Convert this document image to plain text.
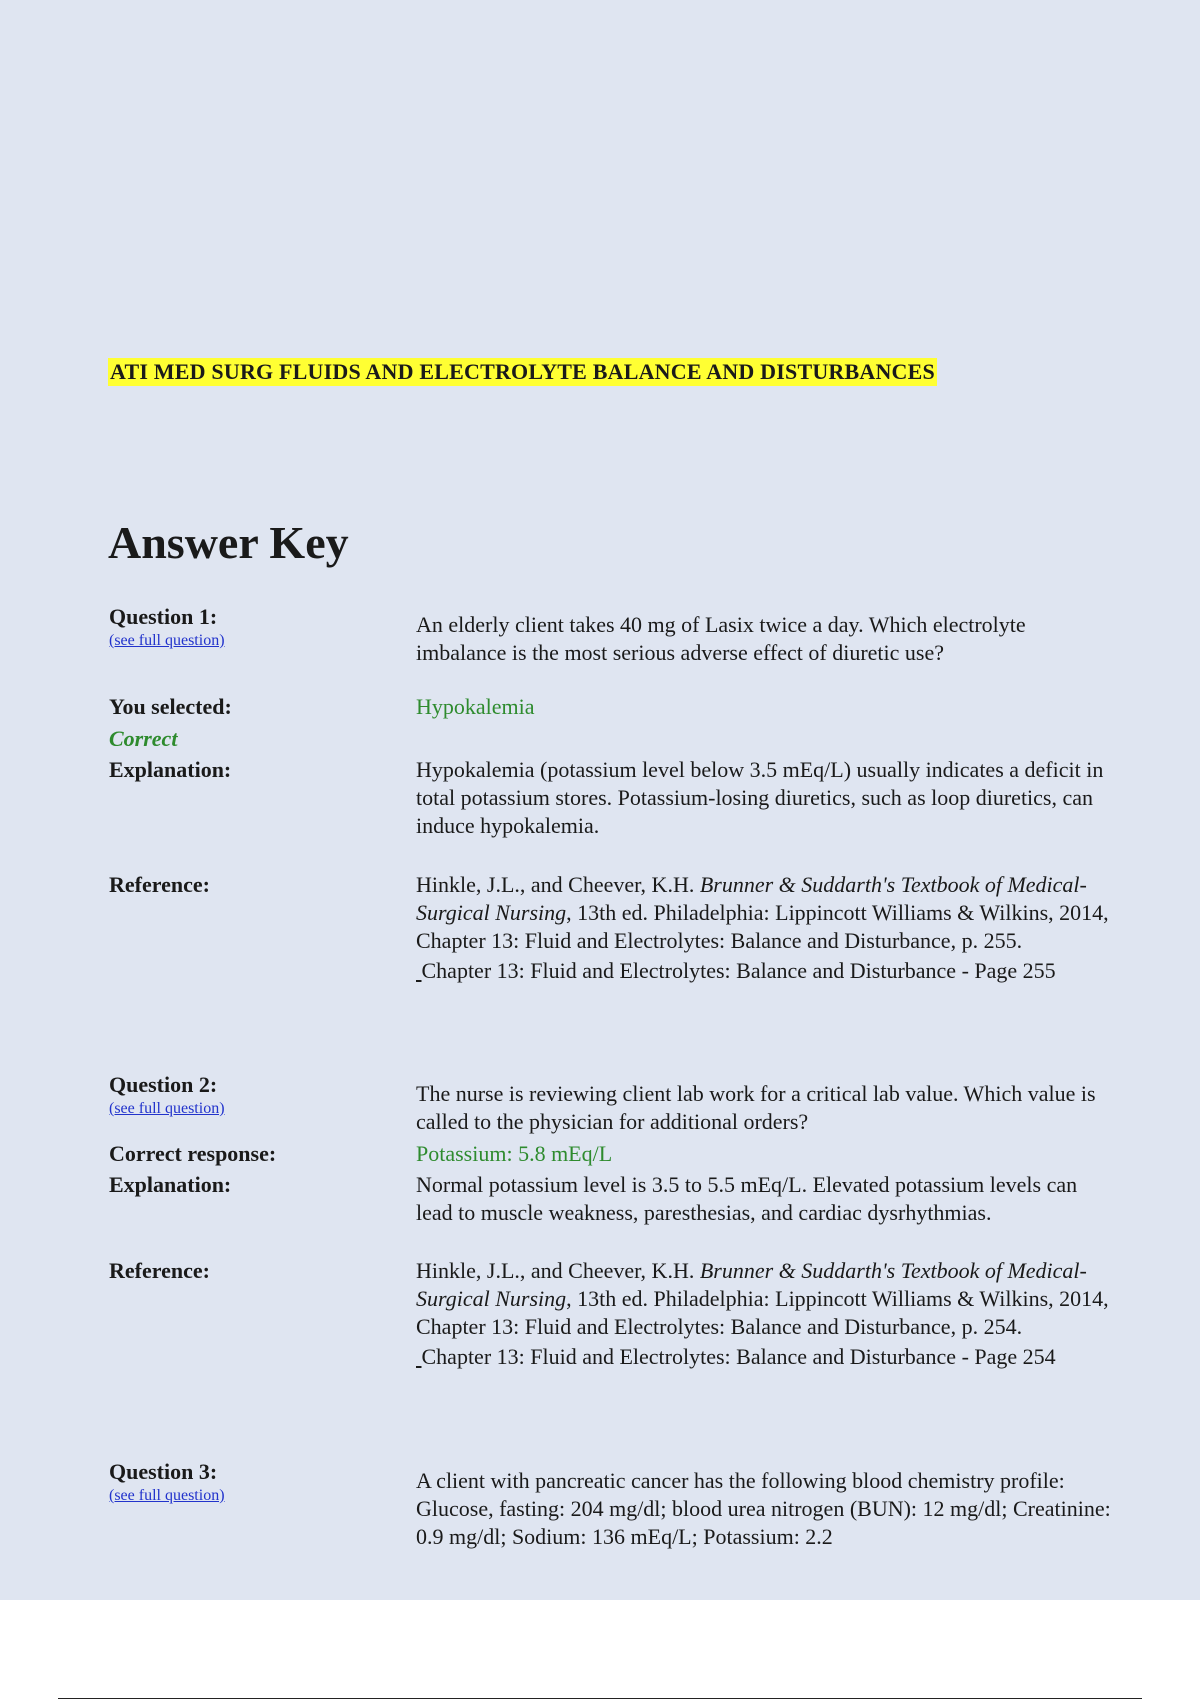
ATI MED SURG FLUIDS AND ELECTROLYTE BALANCE AND DISTURBANCES
Answer Key
Question 1:
(see full question)

An elderly client takes 40 mg of Lasix twice a day. Which electrolyte imbalance is the most serious adverse effect of diuretic use?

You selected:	Hypokalemia
Correct
Explanation:	Hypokalemia (potassium level below 3.5 mEq/L) usually indicates a deficit in total potassium stores. Potassium-losing diuretics, such as loop diuretics, can induce hypokalemia.

Reference:	Hinkle, J.L., and Cheever, K.H. Brunner & Suddarth's Textbook of Medical-Surgical Nursing, 13th ed. Philadelphia: Lippincott Williams & Wilkins, 2014, Chapter 13: Fluid and Electrolytes: Balance and Disturbance, p. 255.

Chapter 13: Fluid and Electrolytes: Balance and Disturbance - Page 255

Question 2:
(see full question)

The nurse is reviewing client lab work for a critical lab value. Which value is called to the physician for additional orders?

Correct response:	Potassium: 5.8 mEq/L
Explanation:	Normal potassium level is 3.5 to 5.5 mEq/L. Elevated potassium levels can lead to muscle weakness, paresthesias, and cardiac dysrhythmias.

Reference:	Hinkle, J.L., and Cheever, K.H. Brunner & Suddarth's Textbook of Medical-Surgical Nursing, 13th ed. Philadelphia: Lippincott Williams & Wilkins, 2014, Chapter 13: Fluid and Electrolytes: Balance and Disturbance, p. 254.

Chapter 13: Fluid and Electrolytes: Balance and Disturbance - Page 254

Question 3:
(see full question)

A client with pancreatic cancer has the following blood chemistry profile: Glucose, fasting: 204 mg/dl; blood urea nitrogen (BUN): 12 mg/dl; Creatinine: 0.9 mg/dl; Sodium: 136 mEq/L; Potassium: 2.2
